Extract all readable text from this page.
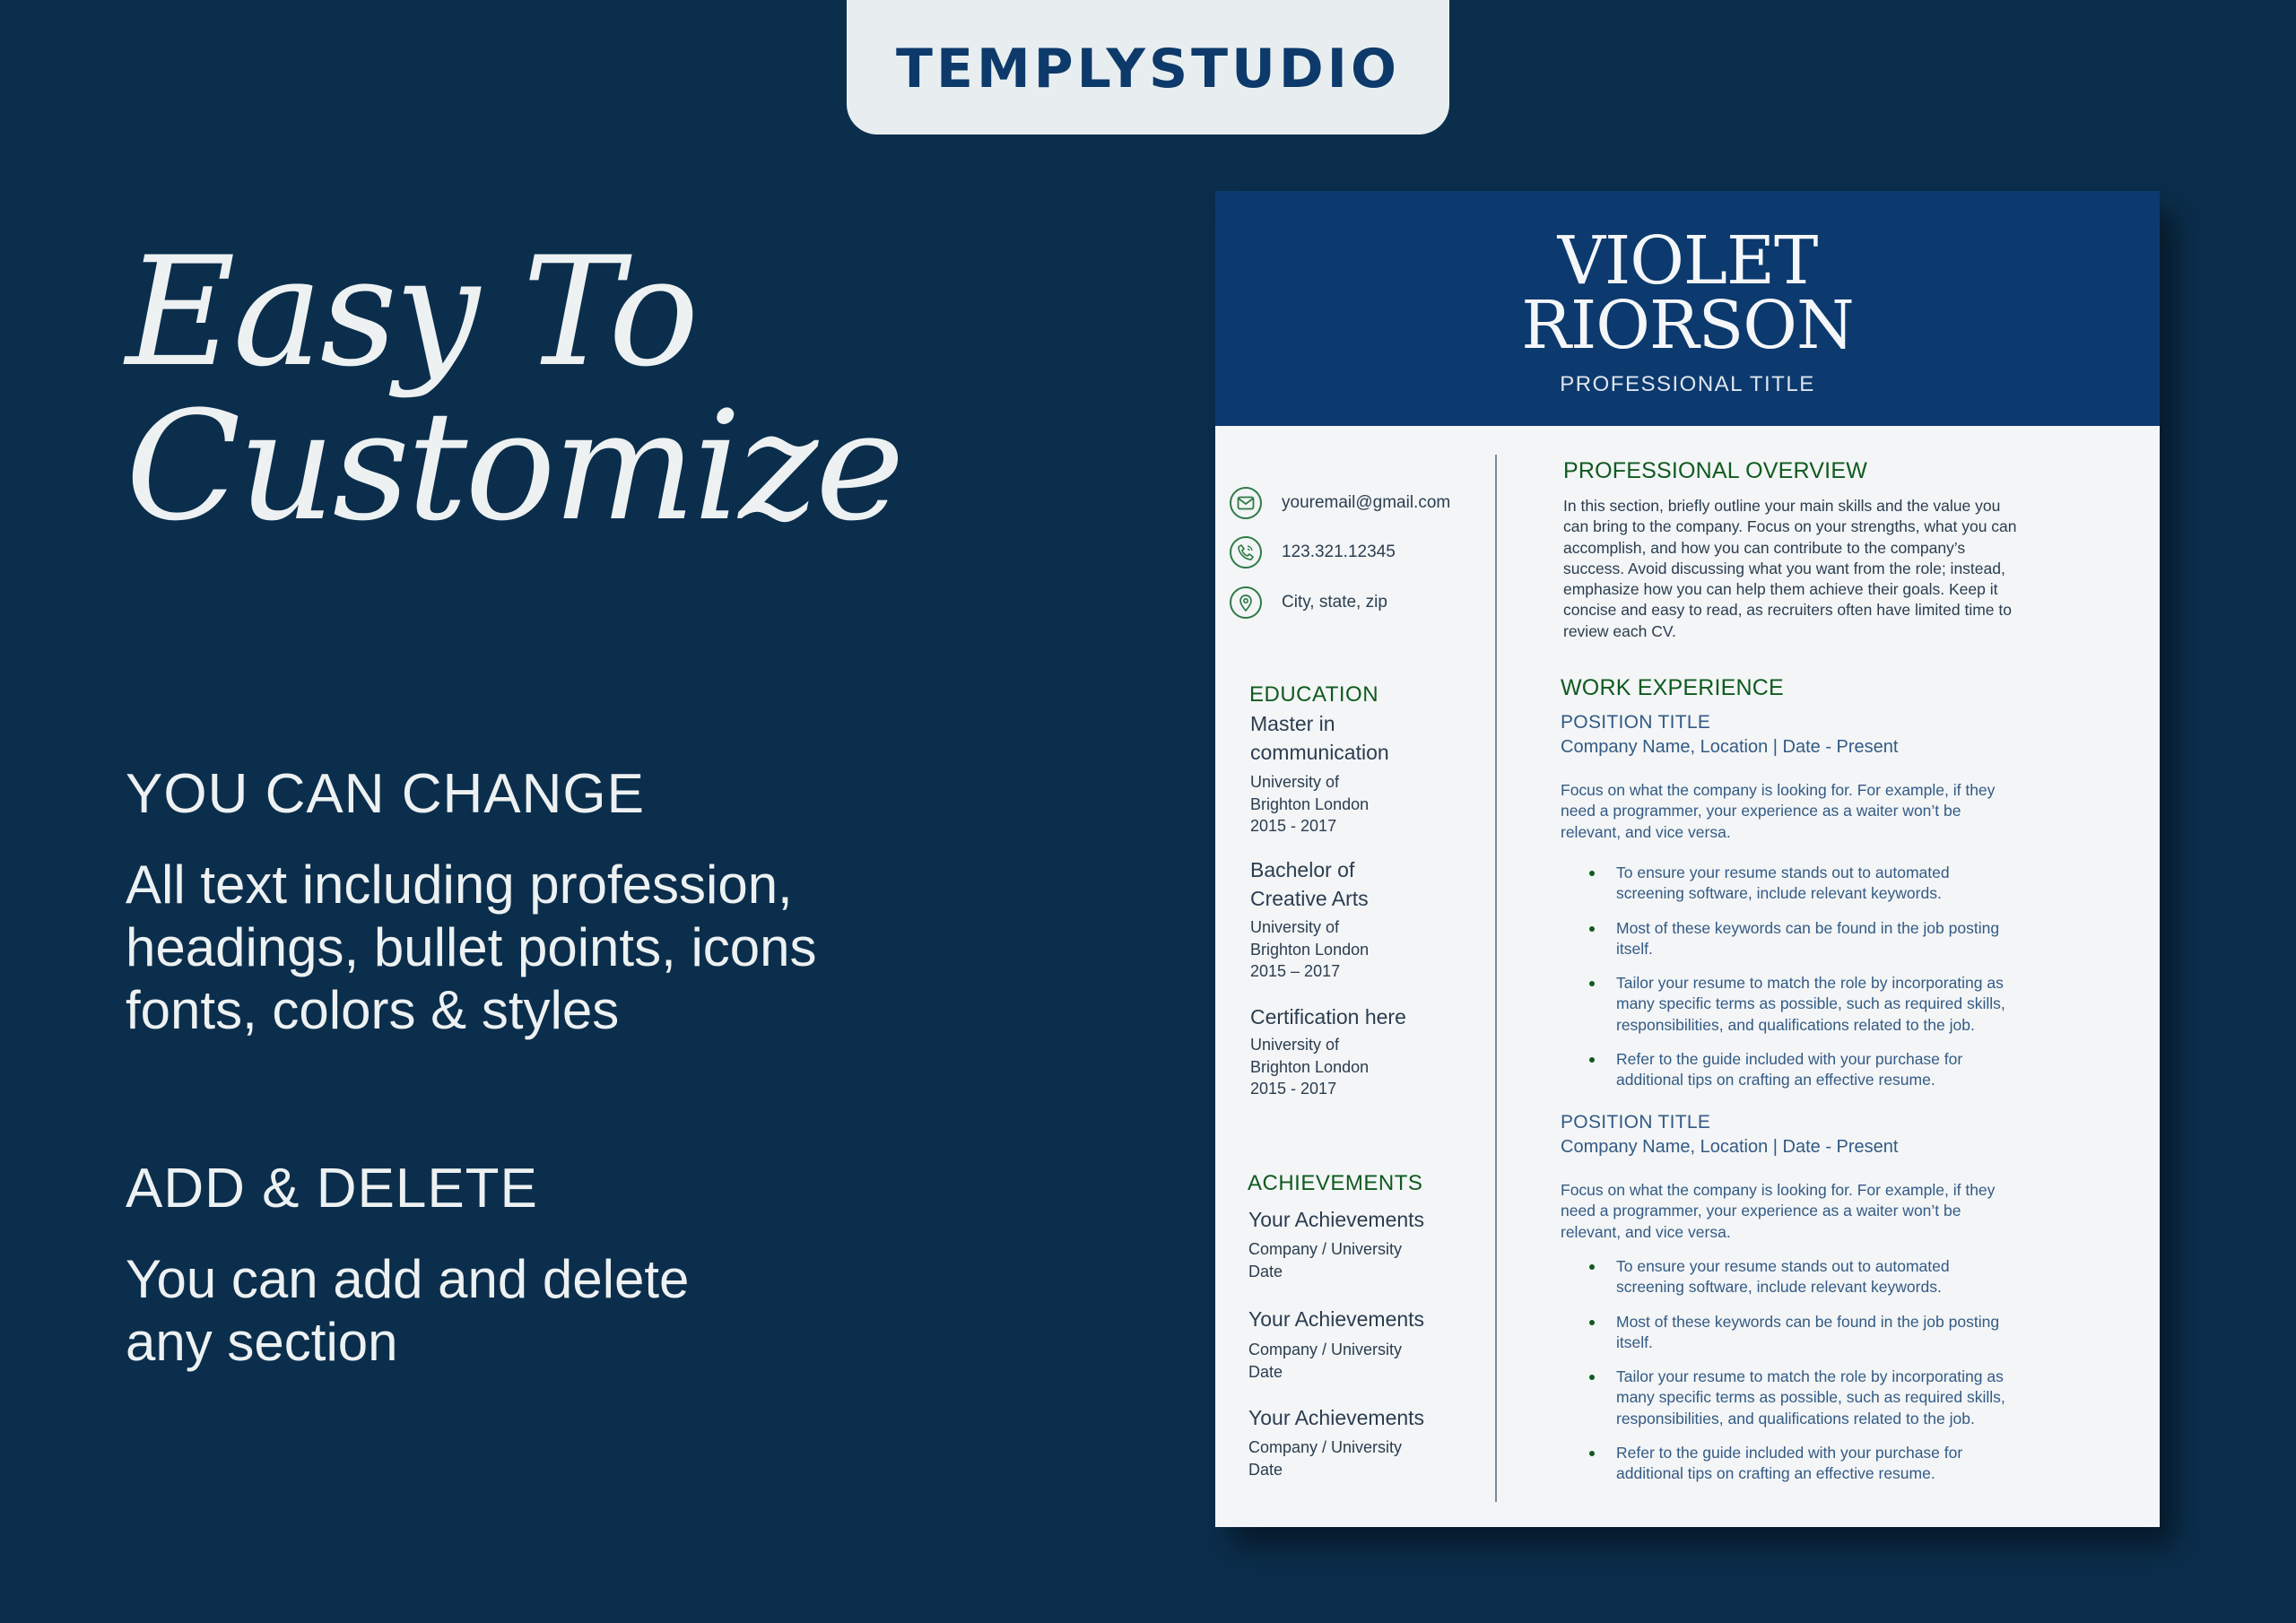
TEMPLYSTUDIO
Easy To
Customize
YOU CAN CHANGE
All text including profession,
headings, bullet points, icons
fonts, colors & styles
ADD & DELETE
You can add and delete
any section
VIOLET
RIORSON
PROFESSIONAL TITLE
youremail@gmail.com
123.321.12345
City, state, zip
EDUCATION
Master in
communication
University of
Brighton London
2015 - 2017
Bachelor of
Creative Arts
University of
Brighton London
2015 – 2017
Certification here
University of
Brighton London
2015 - 2017
ACHIEVEMENTS
Your Achievements
Company / University
Date
Your Achievements
Company / University
Date
Your Achievements
Company / University
Date
PROFESSIONAL OVERVIEW
In this section, briefly outline your main skills and the value you
can bring to the company. Focus on your strengths, what you can
accomplish, and how you can contribute to the company’s
success. Avoid discussing what you want from the role; instead,
emphasize how you can help them achieve their goals. Keep it
concise and easy to read, as recruiters often have limited time to
review each CV.
WORK EXPERIENCE
POSITION TITLE
Company Name, Location | Date - Present
Focus on what the company is looking for. For example, if they
need a programmer, your experience as a waiter won’t be
relevant, and vice versa.
To ensure your resume stands out to automated
screening software, include relevant keywords.
Most of these keywords can be found in the job posting
itself.
Tailor your resume to match the role by incorporating as
many specific terms as possible, such as required skills,
responsibilities, and qualifications related to the job.
Refer to the guide included with your purchase for
additional tips on crafting an effective resume.
POSITION TITLE
Company Name, Location | Date - Present
Focus on what the company is looking for. For example, if they
need a programmer, your experience as a waiter won’t be
relevant, and vice versa.
To ensure your resume stands out to automated
screening software, include relevant keywords.
Most of these keywords can be found in the job posting
itself.
Tailor your resume to match the role by incorporating as
many specific terms as possible, such as required skills,
responsibilities, and qualifications related to the job.
Refer to the guide included with your purchase for
additional tips on crafting an effective resume.
